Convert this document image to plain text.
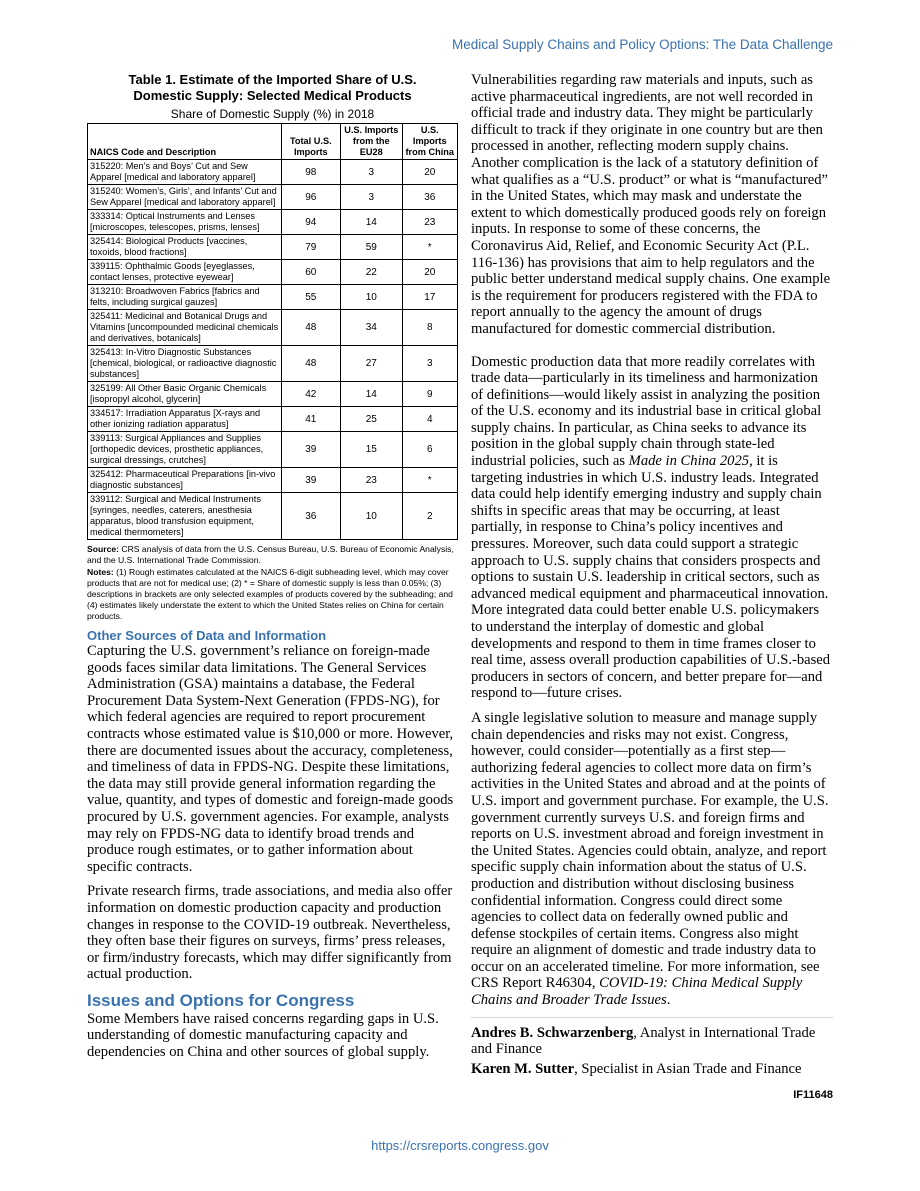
Medical Supply Chains and Policy Options: The Data Challenge

Table 1. Estimate of the Imported Share of U.S.
Domestic Supply: Selected Medical Products

Share of Domestic Supply (%) in 2018

NAICS Code and Description	Total U.S. Imports	U.S. Imports from the EU28	U.S. Imports from China
315220: Men’s and Boys’ Cut and Sew Apparel [medical and laboratory apparel]	98	3	20
315240: Women’s, Girls’, and Infants’ Cut and Sew Apparel [medical and laboratory apparel]	96	3	36
333314: Optical Instruments and Lenses [microscopes, telescopes, prisms, lenses]	94	14	23
325414: Biological Products [vaccines, toxoids, blood fractions]	79	59	*
339115: Ophthalmic Goods [eyeglasses, contact lenses, protective eyewear]	60	22	20
313210: Broadwoven Fabrics [fabrics and felts, including surgical gauzes]	55	10	17
325411: Medicinal and Botanical Drugs and Vitamins [uncompounded medicinal chemicals and derivatives, botanicals]	48	34	8
325413: In-Vitro Diagnostic Substances [chemical, biological, or radioactive diagnostic substances]	48	27	3
325199: All Other Basic Organic Chemicals [isopropyl alcohol, glycerin]	42	14	9
334517: Irradiation Apparatus [X-rays and other ionizing radiation apparatus]	41	25	4
339113: Surgical Appliances and Supplies [orthopedic devices, prosthetic appliances, surgical dressings, crutches]	39	15	6
325412: Pharmaceutical Preparations [in-vivo diagnostic substances]	39	23	*
339112: Surgical and Medical Instruments [syringes, needles, caterers, anesthesia apparatus, blood transfusion equipment, medical thermometers]	36	10	2

Source: CRS analysis of data from the U.S. Census Bureau, U.S. Bureau of Economic Analysis, and the U.S. International Trade Commission.

Notes: (1) Rough estimates calculated at the NAICS 6-digit subheading level, which may cover products that are not for medical use; (2) * = Share of domestic supply is less than 0.05%; (3) descriptions in brackets are only selected examples of products covered by the subheading; and (4) estimates likely understate the extent to which the United States relies on China for certain products.

Other Sources of Data and Information

Capturing the U.S. government’s reliance on foreign-made goods faces similar data limitations. The General Services Administration (GSA) maintains a database, the Federal Procurement Data System-Next Generation (FPDS-NG), for which federal agencies are required to report procurement contracts whose estimated value is $10,000 or more. However, there are documented issues about the accuracy, completeness, and timeliness of data in FPDS-NG. Despite these limitations, the data may still provide general information regarding the value, quantity, and types of domestic and foreign-made goods procured by U.S. government agencies. For example, analysts may rely on FPDS-NG data to identify broad trends and produce rough estimates, or to gather information about specific contracts.

Private research firms, trade associations, and media also offer information on domestic production capacity and production changes in response to the COVID-19 outbreak. Nevertheless, they often base their figures on surveys, firms’ press releases, or firm/industry forecasts, which may differ significantly from actual production.

Issues and Options for Congress

Some Members have raised concerns regarding gaps in U.S. understanding of domestic manufacturing capacity and dependencies on China and other sources of global supply.

Vulnerabilities regarding raw materials and inputs, such as active pharmaceutical ingredients, are not well recorded in official trade and industry data. They might be particularly difficult to track if they originate in one country but are then processed in another, reflecting modern supply chains. Another complication is the lack of a statutory definition of what qualifies as a “U.S. product” or what is “manufactured” in the United States, which may mask and understate the extent to which domestically produced goods rely on foreign inputs. In response to some of these concerns, the Coronavirus Aid, Relief, and Economic Security Act (P.L. 116-136) has provisions that aim to help regulators and the public better understand medical supply chains. One example is the requirement for producers registered with the FDA to report annually to the agency the amount of drugs manufactured for domestic commercial distribution.

Domestic production data that more readily correlates with trade data—particularly in its timeliness and harmonization of definitions—would likely assist in analyzing the position of the U.S. economy and its industrial base in critical global supply chains. In particular, as China seeks to advance its position in the global supply chain through state-led industrial policies, such as Made in China 2025, it is targeting industries in which U.S. industry leads. Integrated data could help identify emerging industry and supply chain shifts in specific areas that may be occurring, at least partially, in response to China’s policy incentives and pressures. Moreover, such data could support a strategic approach to U.S. supply chains that considers prospects and options to sustain U.S. leadership in critical sectors, such as advanced medical equipment and pharmaceutical innovation. More integrated data could better enable U.S. policymakers to understand the interplay of domestic and global developments and respond to them in time frames closer to real time, assess overall production capabilities of U.S.-based producers in sectors of concern, and better prepare for—and respond to—future crises.

A single legislative solution to measure and manage supply chain dependencies and risks may not exist. Congress, however, could consider—potentially as a first step—authorizing federal agencies to collect more data on firm’s activities in the United States and abroad and at the points of U.S. import and government purchase. For example, the U.S. government currently surveys U.S. and foreign firms and reports on U.S. investment abroad and foreign investment in the United States. Agencies could obtain, analyze, and report specific supply chain information about the status of U.S. production and distribution without disclosing business confidential information. Congress could direct some agencies to collect data on federally owned public and defense stockpiles of certain items. Congress also might require an alignment of domestic and trade industry data to occur on an accelerated timeline. For more information, see CRS Report R46304, COVID-19: China Medical Supply Chains and Broader Trade Issues.

Andres B. Schwarzenberg, Analyst in International Trade and Finance

Karen M. Sutter, Specialist in Asian Trade and Finance

IF11648
https://crsreports.congress.gov
